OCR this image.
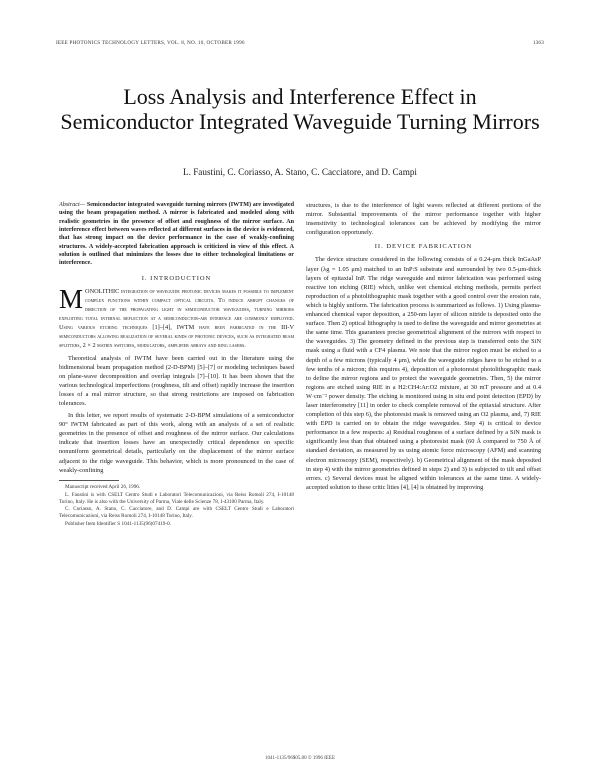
IEEE PHOTONICS TECHNOLOGY LETTERS, VOL. 8, NO. 10, OCTOBER 1996	1363
Loss Analysis and Interference Effect in Semiconductor Integrated Waveguide Turning Mirrors
L. Faustini, C. Coriasso, A. Stano, C. Cacciatore, and D. Campi

Abstract— Semiconductor integrated waveguide turning mirrors (IWTM) are investigated using the beam propagation method. A mirror is fabricated and modeled along with realistic geometries in the presence of offset and roughness of the mirror surface. An interference effect between waves reflected at different surfaces in the device is evidenced, that has strong impact on the device performance in the case of weakly-confining structures. A widely-accepted fabrication approach is criticized in view of this effect. A solution is outlined that minimizes the losses due to either technological limitations or interference.

I. INTRODUCTION

MONOLITHIC integration of waveguide photonic devices makes it possible to implement complex functions within compact optical circuits. To induce abrupt changes of direction of the propagating light in semiconductor waveguides, turning mirrors exploiting total internal reflection at a semiconductor-air interface are commonly employed. Using various etching techniques [1]–[4], IWTM have been fabricated in the III-V semiconductors allowing realization of several kinds of photonic devices, such as integrated beam splitters, 2 × 2 matrix switches, modulators, amplifier arrays and ring lasers.

Theoretical analysis of IWTM have been carried out in the literature using the bidimensional beam propagation method (2-D-BPM) [5]–[7] or modeling techniques based on plane-wave decomposition and overlap integrals [7]–[10]. It has been shown that the various technological imperfections (roughness, tilt and offset) rapidly increase the insertion losses of a real mirror structure, so that strong restrictions are imposed on fabrication tolerances.

In this letter, we report results of systematic 2-D-BPM simulations of a semiconductor 90° IWTM fabricated as part of this work, along with an analysis of a set of realistic geometries in the presence of offset and roughness of the mirror surface. Our calculations indicate that insertion losses have an unexpectedly critical dependence on specific nonuniform geometrical details, particularly on the displacement of the mirror surface adjacent to the ridge waveguide. This behavior, which is more pronounced in the case of weakly-confining

Manuscript received April 26, 1996.

L. Faustini is with CSELT Centro Studi e Laboratori Telecomunicazioni, via Reiss Romoli 274, I-10148 Torino, Italy. He is also with the University of Parma, Viale delle Scienze 78, I-43100 Parma, Italy.

C. Coriasso, A. Stano, C. Cacciatore, and D. Campi are with CSELT Centro Studi e Laboratori Telecomunicazioni, via Reiss Romoli 274, I-10148 Torino, Italy.

Publisher Item Identifier S 1041-1135(96)07419-0.

structures, is due to the interference of light waves reflected at different portions of the mirror. Substantial improvements of the mirror performance together with higher insensitivity to technological tolerances can be achieved by modifying the mirror configuration opportunely.

II. DEVICE FABRICATION

The device structure considered in the following consists of a 0.24-μm thick InGaAsP layer (λg = 1.05 μm) matched to an InP:S substrate and surrounded by two 0.5-μm-thick layers of epitaxial InP. The ridge waveguide and mirror fabrication was performed using reactive ion etching (RIE) which, unlike wet chemical etching methods, permits perfect reproduction of a photolithographic mask together with a good control over the erosion rate, which is highly uniform. The fabrication process is summarized as follows. 1) Using plasma-enhanced chemical vapor deposition, a 250-nm layer of silicon nitride is deposited onto the surface. Then 2) optical lithography is used to define the waveguide and mirror geometries at the same time. This guarantees precise geometrical alignment of the mirrors with respect to the waveguides. 3) The geometry defined in the previous step is transferred onto the SiN mask using a fluid with a CF4 plasma. We note that the mirror region must be etched to a depth of a few microns (typically 4 μm), while the waveguide ridges have to be etched to a few tenths of a micron; this requires 4), deposition of a photoresist photolithographic mask to define the mirror regions and to protect the waveguide geometries. Then, 5) the mirror regions are etched using RIE in a H2:CH4:Ar:O2 mixture, at 30 mT pressure and at 0.4 W·cm⁻² power density. The etching is monitored using in situ end point detection (EPD) by laser interferometry [11] in order to check complete removal of the epitaxial structure. After completion of this step 6), the photoresist mask is removed using an O2 plasma, and, 7) RIE with EPD is carried on to obtain the ridge waveguides. Step 4) is critical to device performance in a few respects: a) Residual roughness of a surface defined by a SiN mask is significantly less than that obtained using a photoresist mask (60 Å compared to 750 Å of standard deviation, as measured by us using atomic force microscopy (AFM) and scanning electron microscopy (SEM), respectively). b) Geometrical alignment of the mask deposited in step 4) with the mirror geometries defined in steps 2) and 3) is subjected to tilt and offset errors. c) Several devices must be aligned within tolerances at the same time. A widely-accepted solution to these critic lities [4], [4] is obtained by improving

1041-1135/96$05.00 © 1996 IEEE
